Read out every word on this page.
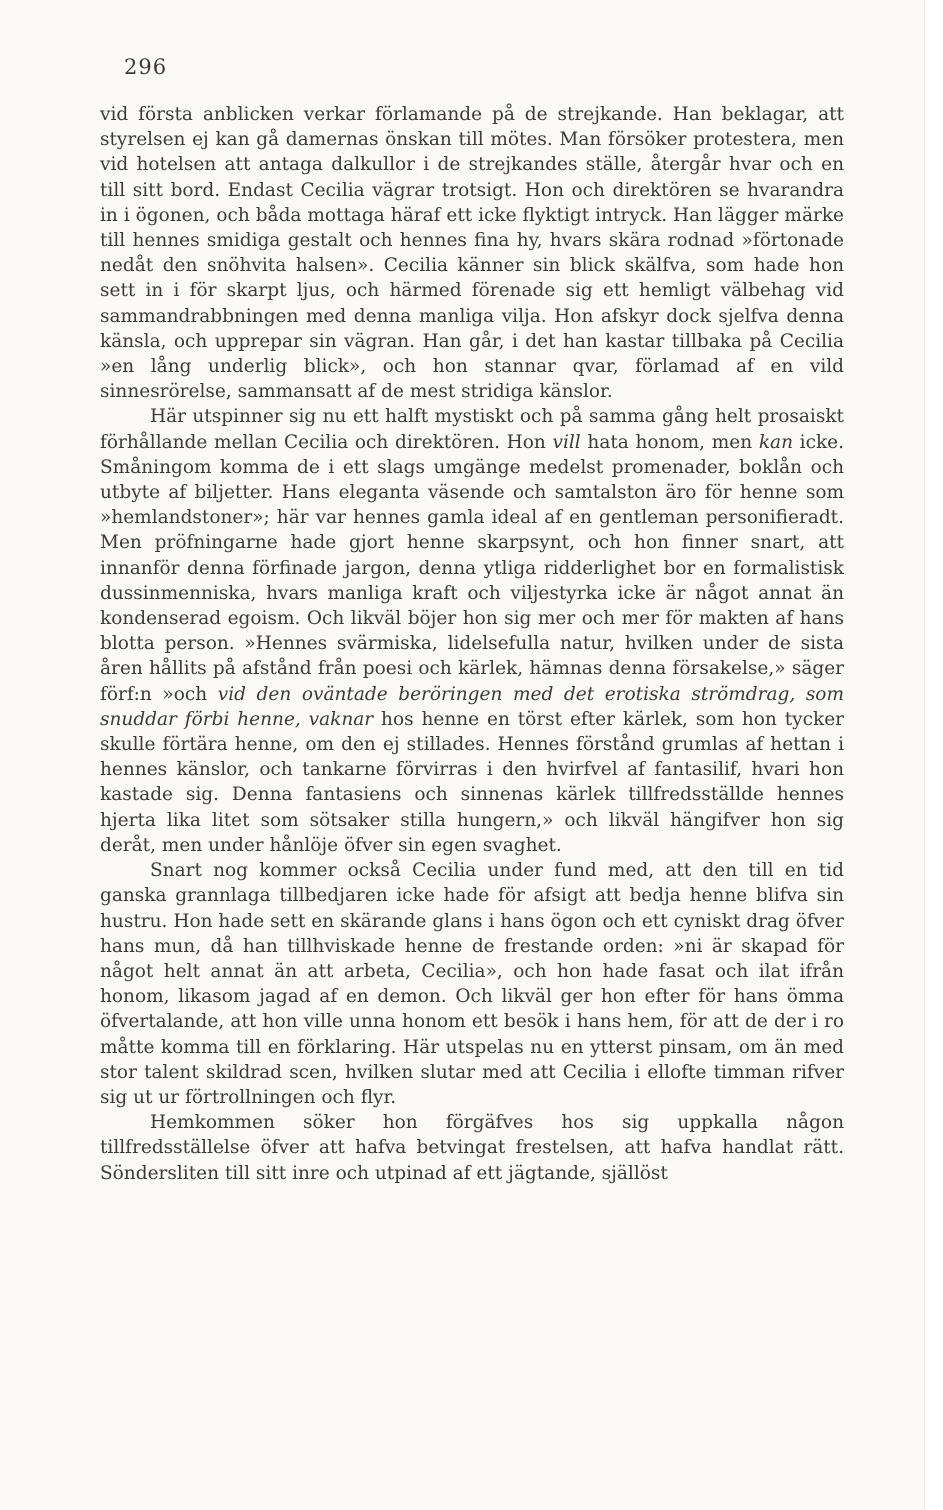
296

vid första anblicken verkar förlamande på de strejkande. Han beklagar, att styrelsen ej kan gå damernas önskan till mötes. Man försöker protestera, men vid hotelsen att antaga dalkullor i de strejkandes ställe, återgår hvar och en till sitt bord. Endast Cecilia vägrar trotsigt. Hon och direktören se hvarandra in i ögonen, och båda mottaga häraf ett icke flyktigt intryck. Han lägger märke till hennes smidiga gestalt och hennes fina hy, hvars skära rodnad »förtonade nedåt den snöhvita halsen». Cecilia känner sin blick skälfva, som hade hon sett in i för skarpt ljus, och härmed förenade sig ett hemligt välbehag vid sammandrabbningen med denna manliga vilja. Hon afskyr dock sjelfva denna känsla, och upprepar sin vägran. Han går, i det han kastar tillbaka på Cecilia »en lång underlig blick», och hon stannar qvar, förlamad af en vild sinnesrörelse, sammansatt af de mest stridiga känslor.

Här utspinner sig nu ett halft mystiskt och på samma gång helt prosaiskt förhållande mellan Cecilia och direktören. Hon vill hata honom, men kan icke. Småningom komma de i ett slags umgänge medelst promenader, boklån och utbyte af biljetter. Hans eleganta väsende och samtalston äro för henne som »hemlandstoner»; här var hennes gamla ideal af en gentleman personifieradt. Men pröfningarne hade gjort henne skarpsynt, och hon finner snart, att innanför denna förfinade jargon, denna ytliga ridderlighet bor en formalistisk dussinmenniska, hvars manliga kraft och viljestyrka icke är något annat än kondenserad egoism. Och likväl böjer hon sig mer och mer för makten af hans blotta person. »Hennes svärmiska, lidelsefulla natur, hvilken under de sista åren hållits på afstånd från poesi och kärlek, hämnas denna försakelse,» säger förf:n »och vid den oväntade beröringen med det erotiska strömdrag, som snuddar förbi henne, vaknar hos henne en törst efter kärlek, som hon tycker skulle förtära henne, om den ej stillades. Hennes förstånd grumlas af hettan i hennes känslor, och tankarne förvirras i den hvirfvel af fantasilif, hvari hon kastade sig. Denna fantasiens och sinnenas kärlek tillfredsställde hennes hjerta lika litet som sötsaker stilla hungern,» och likväl hängifver hon sig deråt, men under hånlöje öfver sin egen svaghet.

Snart nog kommer också Cecilia under fund med, att den till en tid ganska grannlaga tillbedjaren icke hade för afsigt att bedja henne blifva sin hustru. Hon hade sett en skärande glans i hans ögon och ett cyniskt drag öfver hans mun, då han tillhviskade henne de frestande orden: »ni är skapad för något helt annat än att arbeta, Cecilia», och hon hade fasat och ilat ifrån honom, likasom jagad af en demon. Och likväl ger hon efter för hans ömma öfvertalande, att hon ville unna honom ett besök i hans hem, för att de der i ro måtte komma till en förklaring. Här utspelas nu en ytterst pinsam, om än med stor talent skildrad scen, hvilken slutar med att Cecilia i ellofte timman rifver sig ut ur förtrollningen och flyr.

Hemkommen söker hon förgäfves hos sig uppkalla någon tillfredsställelse öfver att hafva betvingat frestelsen, att hafva handlat rätt. Söndersliten till sitt inre och utpinad af ett jägtande, själlöst
